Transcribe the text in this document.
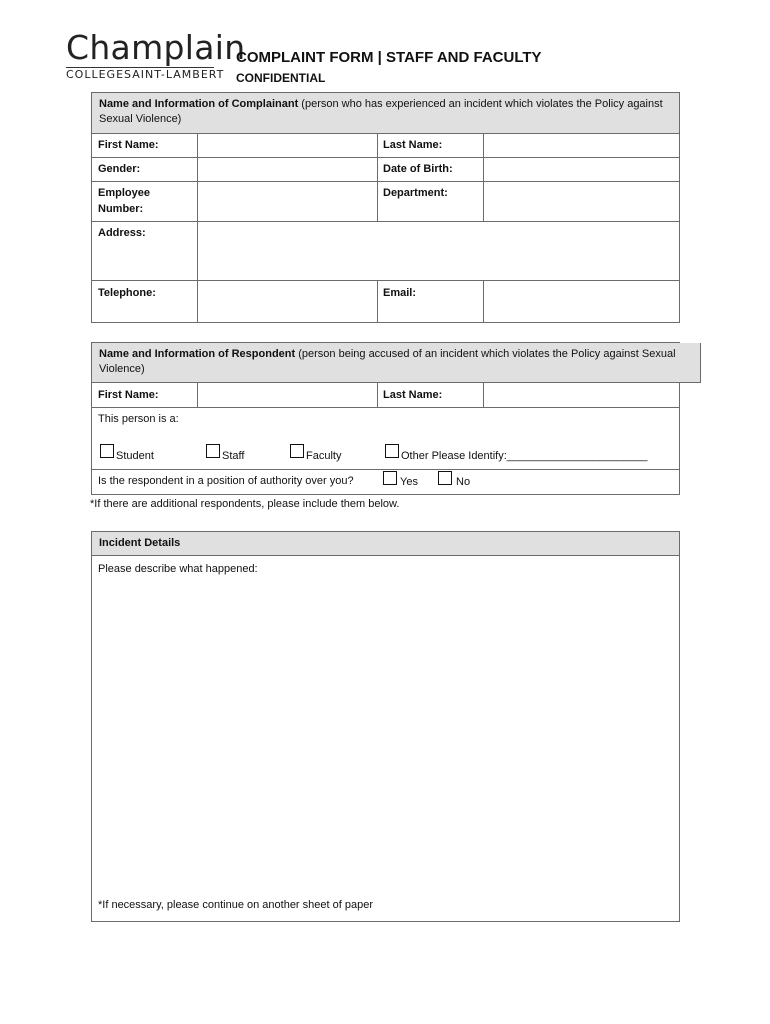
Champlain
COLLEGESAINT-LAMBERT
COMPLAINT FORM | STAFF AND FACULTY
CONFIDENTIAL
Name and Information of Complainant (person who has experienced an incident which violates the Policy against Sexual Violence)
First Name:	Last Name:
Gender:	Date of Birth:
Employee
Number:
Department:
Address:
Telephone:	Email:
Name and Information of Respondent (person being accused of an incident which violates the Policy against Sexual Violence)
First Name:	Last Name:
This person is a:
Student	Staff	Faculty	Other Please Identify:_______________________
Is the respondent in a position of authority over you?	Yes	No
*If there are additional respondents, please include them below.
Incident Details
Please describe what happened:
*If necessary, please continue on another sheet of paper
